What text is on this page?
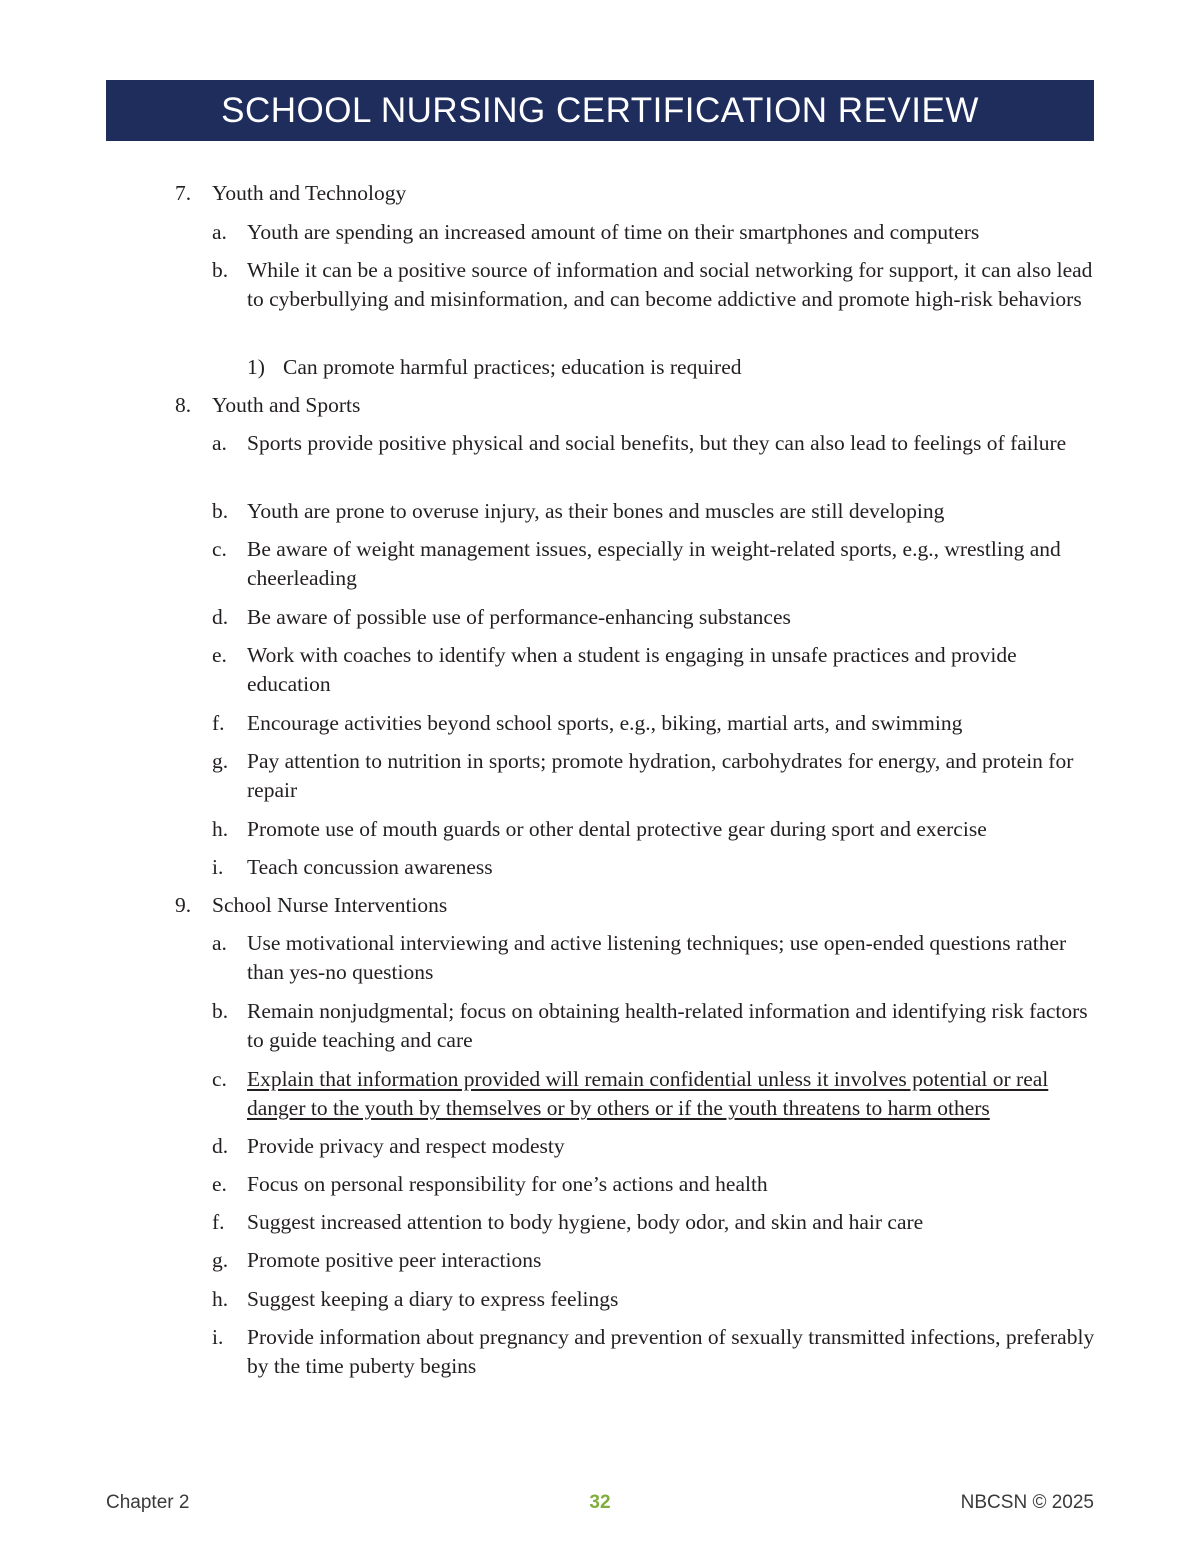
SCHOOL NURSING CERTIFICATION REVIEW
7. Youth and Technology
a. Youth are spending an increased amount of time on their smartphones and computers
b. While it can be a positive source of information and social networking for support, it can also lead to cyberbullying and misinformation, and can become addictive and promote high-risk behaviors
1) Can promote harmful practices; education is required
8. Youth and Sports
a. Sports provide positive physical and social benefits, but they can also lead to feelings of failure
b. Youth are prone to overuse injury, as their bones and muscles are still developing
c. Be aware of weight management issues, especially in weight-related sports, e.g., wrestling and cheerleading
d. Be aware of possible use of performance-enhancing substances
e. Work with coaches to identify when a student is engaging in unsafe practices and provide education
f. Encourage activities beyond school sports, e.g., biking, martial arts, and swimming
g. Pay attention to nutrition in sports; promote hydration, carbohydrates for energy, and protein for repair
h. Promote use of mouth guards or other dental protective gear during sport and exercise
i. Teach concussion awareness
9. School Nurse Interventions
a. Use motivational interviewing and active listening techniques; use open-ended questions rather than yes-no questions
b. Remain nonjudgmental; focus on obtaining health-related information and identifying risk factors to guide teaching and care
c. Explain that information provided will remain confidential unless it involves potential or real danger to the youth by themselves or by others or if the youth threatens to harm others
d. Provide privacy and respect modesty
e. Focus on personal responsibility for one’s actions and health
f. Suggest increased attention to body hygiene, body odor, and skin and hair care
g. Promote positive peer interactions
h. Suggest keeping a diary to express feelings
i. Provide information about pregnancy and prevention of sexually transmitted infections, preferably by the time puberty begins
Chapter 2	32	NBCSN © 2025
